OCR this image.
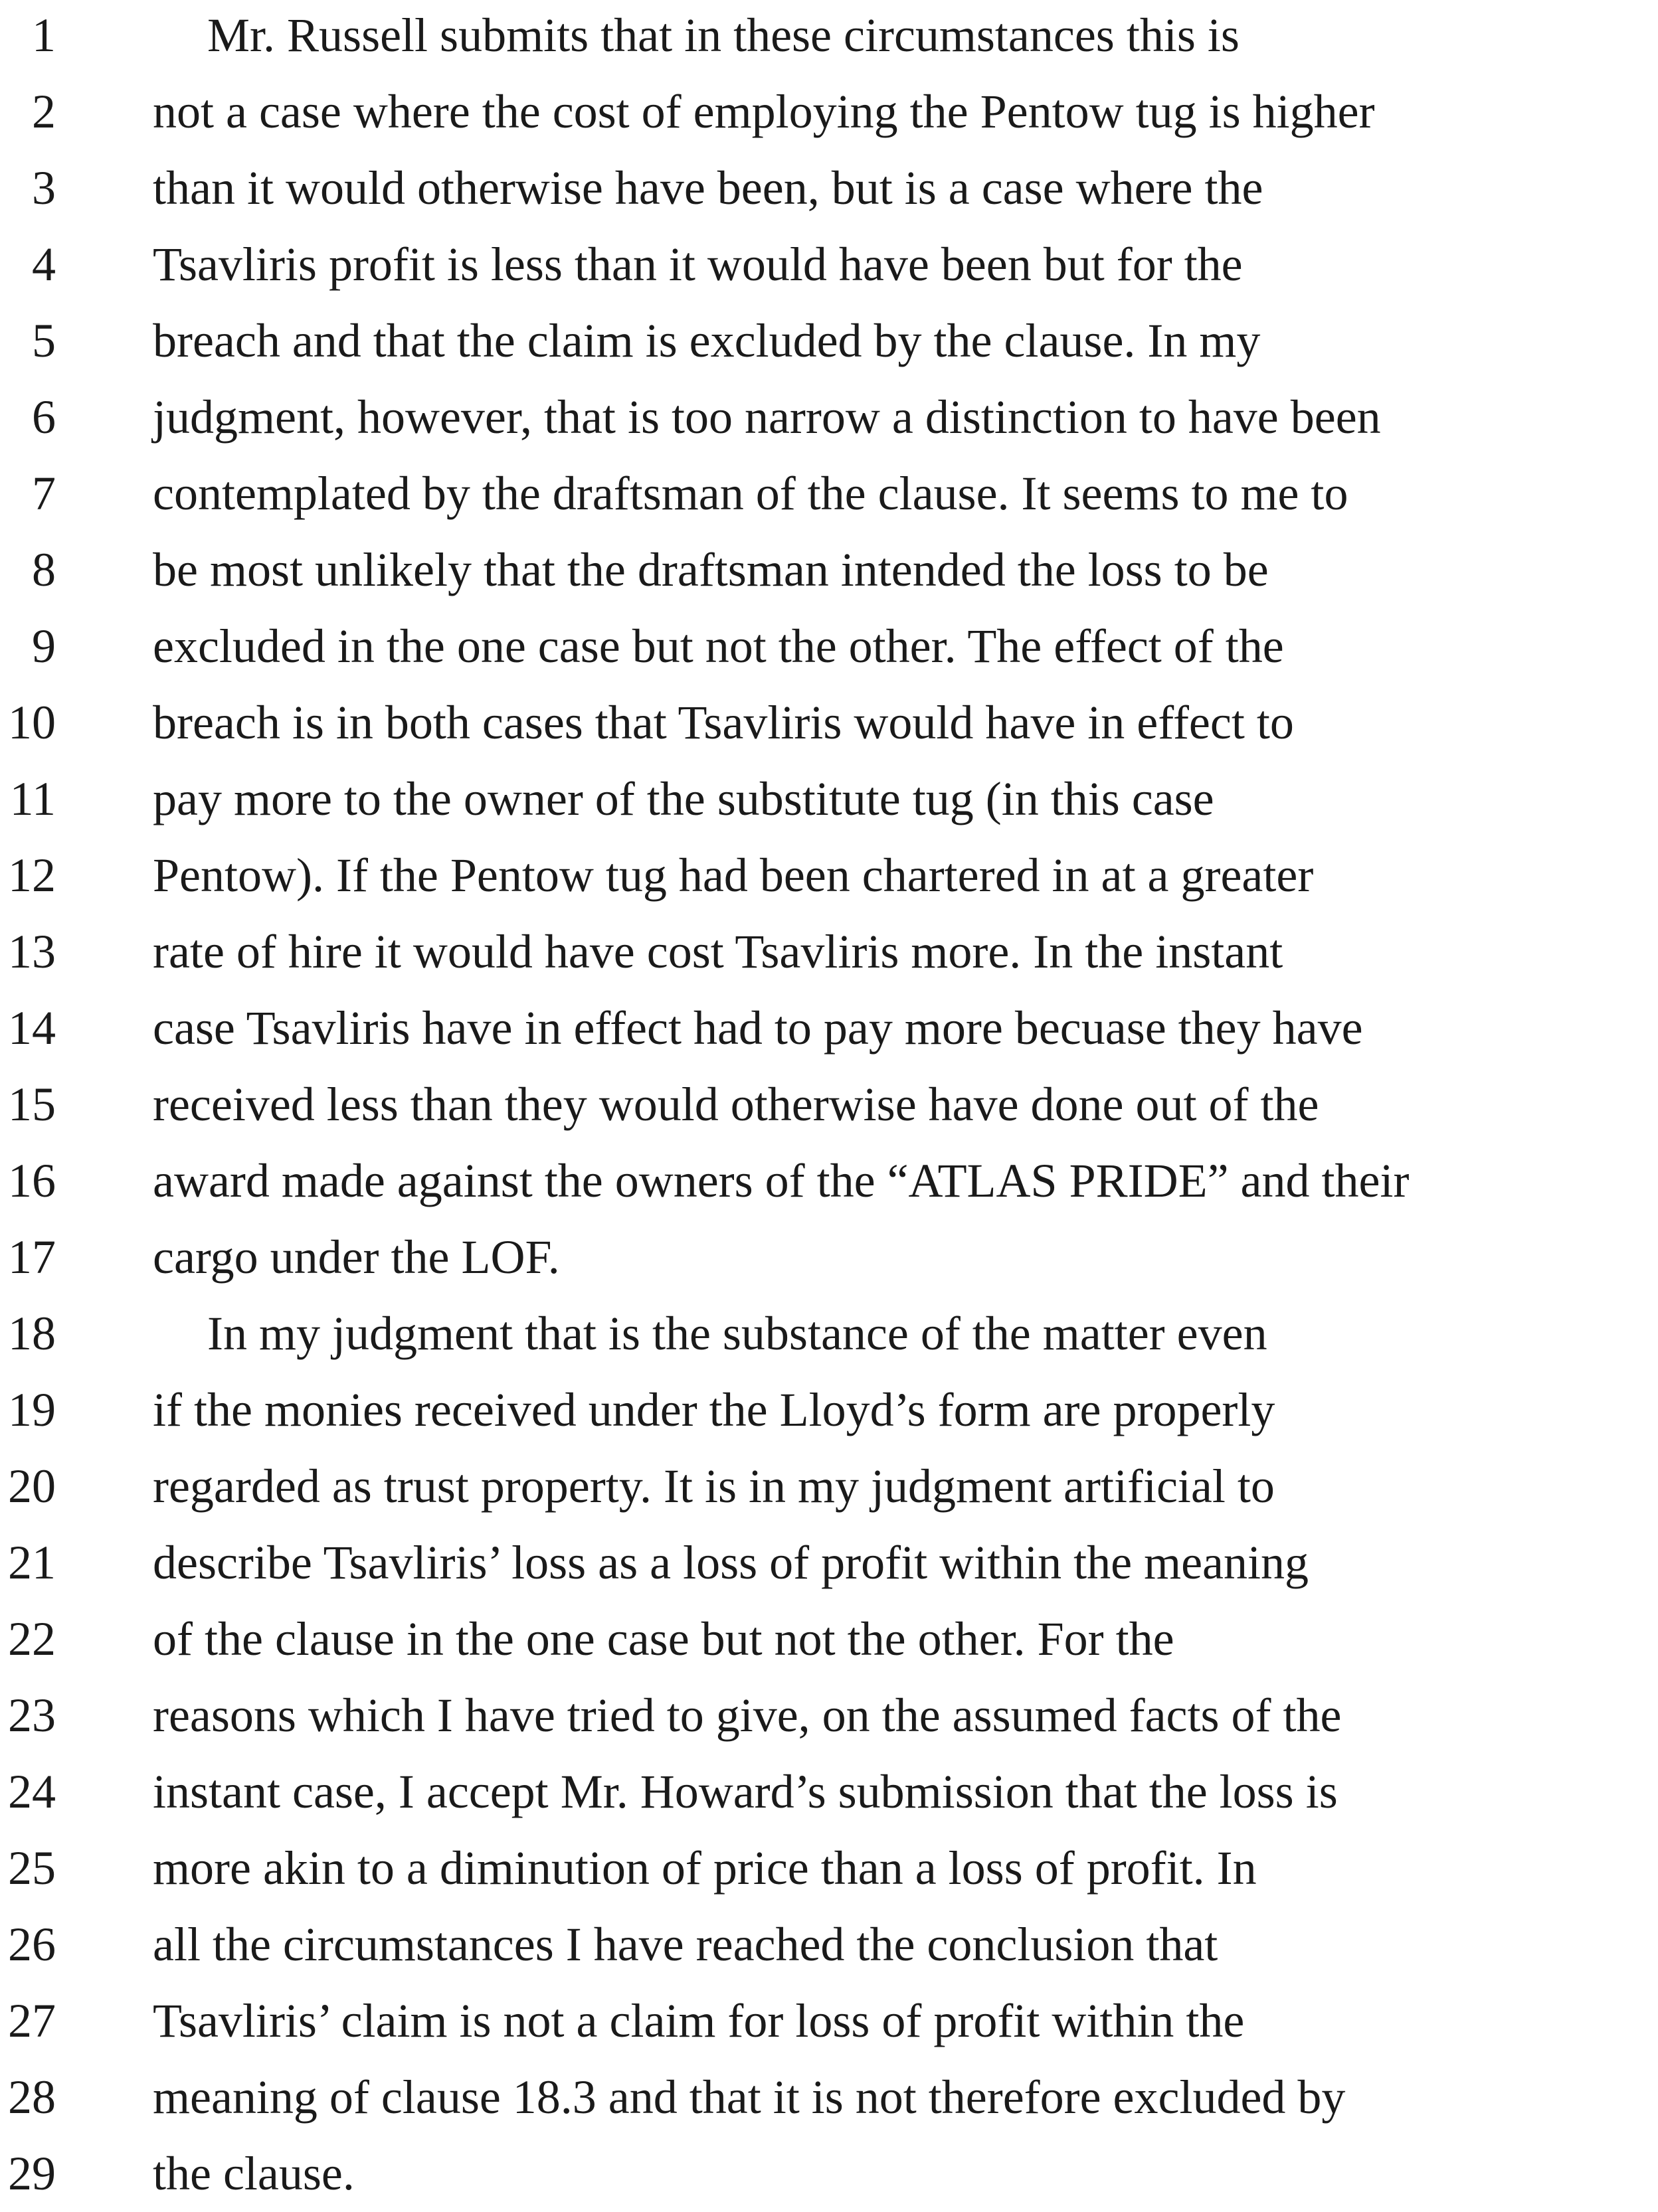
1	Mr. Russell submits that in these circumstances this is
2 not a case where the cost of employing the Pentow tug is higher
3 than it would otherwise have been, but is a case where the
4 Tsavliris profit is less than it would have been but for the
5 breach and that the claim is excluded by the clause. In my
6 judgment, however, that is too narrow a distinction to have been
7 contemplated by the draftsman of the clause. It seems to me to
8 be most unlikely that the draftsman intended the loss to be
9 excluded in the one case but not the other. The effect of the
10 breach is in both cases that Tsavliris would have in effect to
11 pay more to the owner of the substitute tug (in this case
12 Pentow). If the Pentow tug had been chartered in at a greater
13 rate of hire it would have cost Tsavliris more. In the instant
14 case Tsavliris have in effect had to pay more becuase they have
15 received less than they would otherwise have done out of the
16 award made against the owners of the “ATLAS PRIDE” and their
17 cargo under the LOF.
18	In my judgment that is the substance of the matter even
19 if the monies received under the Lloyd’s form are properly
20 regarded as trust property. It is in my judgment artificial to
21 describe Tsavliris’ loss as a loss of profit within the meaning
22 of the clause in the one case but not the other. For the
23 reasons which I have tried to give, on the assumed facts of the
24 instant case, I accept Mr. Howard’s submission that the loss is
25 more akin to a diminution of price than a loss of profit. In
26 all the circumstances I have reached the conclusion that
27 Tsavliris’ claim is not a claim for loss of profit within the
28 meaning of clause 18.3 and that it is not therefore excluded by
29 the clause.
